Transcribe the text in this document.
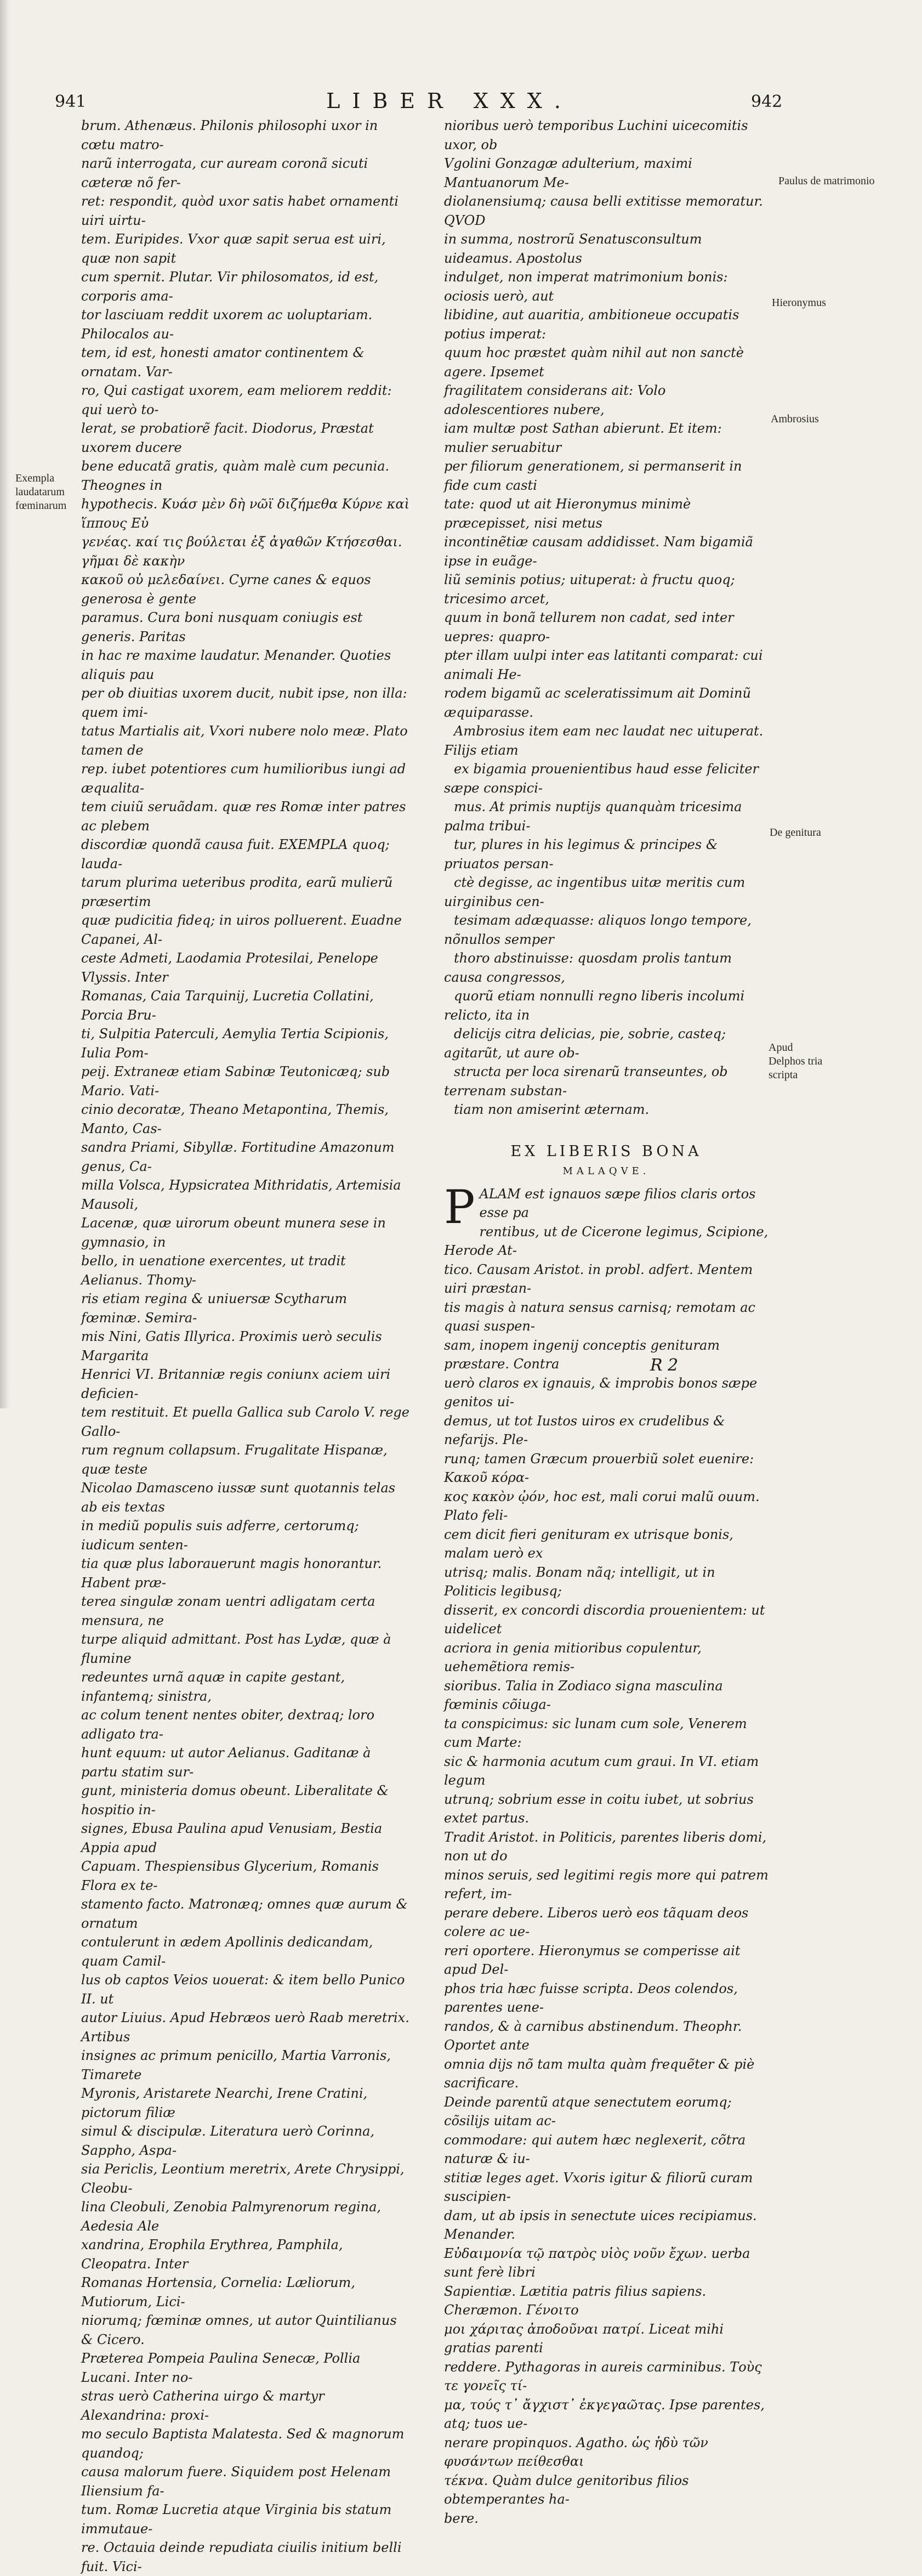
941	LIBER XXX.	942

brum. Athenæus. Philonis philosophi uxor in cœtu matro-

narũ interrogata, cur auream coronã sicuti cæteræ nõ fer-

ret: respondit, quòd uxor satis habet ornamenti uiri uirtu-

tem. Euripides. Vxor quæ sapit serua est uiri, quæ non sapit

cum spernit. Plutar. Vir philosomatos, id est, corporis ama-

tor lasciuam reddit uxorem ac uoluptariam. Philocalos au-

tem, id est, honesti amator continentem & ornatam. Var-

ro, Qui castigat uxorem, eam meliorem reddit: qui uerò to-

lerat, se probatiorẽ facit. Diodorus, Præstat uxorem ducere

bene educatã gratis, quàm malè cum pecunia. Theognes in

hypothecis. Κυάσ μὲν δὴ νῶϊ διζήμεθα Κύρνε καὶ ἵππους Εὐ

γενέας. καί τις βούλεται ἐξ ἀγαθῶν Κτήσεσθαι. γῆμαι δὲ κακὴν

κακοῦ οὐ μελεδαίνει. Cyrne canes & equos generosa è gente

paramus. Cura boni nusquam coniugis est generis. Paritas

in hac re maxime laudatur. Menander. Quoties aliquis pau

per ob diuitias uxorem ducit, nubit ipse, non illa: quem imi-

tatus Martialis ait, Vxori nubere nolo meæ. Plato tamen de

rep. iubet potentiores cum humilioribus iungi ad æqualita-

tem ciuiũ seruãdam. quæ res Romæ inter patres ac plebem

discordiæ quondã causa fuit. EXEMPLA quoq; lauda-

tarum plurima ueteribus prodita, earũ mulierũ præsertim

quæ pudicitia fideq; in uiros polluerent. Euadne Capanei, Al-

ceste Admeti, Laodamia Protesilai, Penelope Vlyssis. Inter

Romanas, Caia Tarquinij, Lucretia Collatini, Porcia Bru-

ti, Sulpitia Paterculi, Aemylia Tertia Scipionis, Iulia Pom-

peij. Extraneæ etiam Sabinæ Teutonicæq; sub Mario. Vati-

cinio decoratæ, Theano Metapontina, Themis, Manto, Cas-

sandra Priami, Sibyllæ. Fortitudine Amazonum genus, Ca-

milla Volsca, Hypsicratea Mithridatis, Artemisia Mausoli,

Lacenæ, quæ uirorum obeunt munera sese in gymnasio, in

bello, in uenatione exercentes, ut tradit Aelianus. Thomy-

ris etiam regina & uniuersæ Scytharum fœminæ. Semira-

mis Nini, Gatis Illyrica. Proximis uerò seculis Margarita

Henrici VI. Britanniæ regis coniunx aciem uiri deficien-

tem restituit. Et puella Gallica sub Carolo V. rege Gallo-

rum regnum collapsum. Frugalitate Hispanæ, quæ teste

Nicolao Damasceno iussæ sunt quotannis telas ab eis textas

in mediũ populis suis adferre, certorumq; iudicum senten-

tia quæ plus laborauerunt magis honorantur. Habent præ-

terea singulæ zonam uentri adligatam certa mensura, ne

turpe aliquid admittant. Post has Lydæ, quæ à flumine

redeuntes urnã aquæ in capite gestant, infantemq; sinistra,

ac colum tenent nentes obiter, dextraq; loro adligato tra-

hunt equum: ut autor Aelianus. Gaditanæ à partu statim sur-

gunt, ministeria domus obeunt. Liberalitate & hospitio in-

signes, Ebusa Paulina apud Venusiam, Bestia Appia apud

Capuam. Thespiensibus Glycerium, Romanis Flora ex te-

stamento facto. Matronæq; omnes quæ aurum & ornatum

contulerunt in ædem Apollinis dedicandam, quam Camil-

lus ob captos Veios uouerat: & item bello Punico II. ut

autor Liuius. Apud Hebræos uerò Raab meretrix. Artibus

insignes ac primum penicillo, Martia Varronis, Timarete

Myronis, Aristarete Nearchi, Irene Cratini, pictorum filiæ

simul & discipulæ. Literatura uerò Corinna, Sappho, Aspa-

sia Periclis, Leontium meretrix, Arete Chrysippi, Cleobu-

lina Cleobuli, Zenobia Palmyrenorum regina, Aedesia Ale

xandrina, Erophila Erythrea, Pamphila, Cleopatra. Inter

Romanas Hortensia, Cornelia: Læliorum, Mutiorum, Lici-

niorumq; fœminæ omnes, ut autor Quintilianus & Cicero.

Præterea Pompeia Paulina Senecæ, Pollia Lucani. Inter no-

stras uerò Catherina uirgo & martyr Alexandrina: proxi-

mo seculo Baptista Malatesta. Sed & magnorum quandoq;

causa malorum fuere. Siquidem post Helenam Iliensium fa-

tum. Romæ Lucretia atque Virginia bis statum immutaue-

re. Octauia deinde repudiata ciuilis initium belli fuit. Vici-

nioribus uerò temporibus Luchini uicecomitis uxor, ob

Vgolini Gonzagæ adulterium, maximi Mantuanorum Me-

diolanensiumq; causa belli extitisse memoratur. QVOD

in summa, nostrorũ Senatusconsultum uideamus. Apostolus

indulget, non imperat matrimonium bonis: ociosis uerò, aut

libidine, aut auaritia, ambitioneue occupatis potius imperat:

quum hoc præstet quàm nihil aut non sanctè agere. Ipsemet

fragilitatem considerans ait: Volo adolescentiores nubere,

iam multæ post Sathan abierunt. Et item: mulier seruabitur

per filiorum generationem, si permanserit in fide cum casti

tate: quod ut ait Hieronymus minimè præcepisset, nisi metus

incontinẽtiæ causam addidisset. Nam bigamiã ipse in euãge-

liũ seminis potius; uituperat: à fructu quoq; tricesimo arcet,

quum in bonã tellurem non cadat, sed inter uepres: quapro-

pter illam uulpi inter eas latitanti comparat: cui animali He-

rodem bigamũ ac sceleratissimum ait Dominũ æquiparasse.

Ambrosius item eam nec laudat nec uituperat. Filijs etiam

ex bigamia prouenientibus haud esse feliciter sæpe conspici-

mus. At primis nuptijs quanquàm tricesima palma tribui-

tur, plures in his legimus & principes & priuatos persan-

ctè degisse, ac ingentibus uitæ meritis cum uirginibus cen-

tesimam adæquasse: aliquos longo tempore, nõnullos semper

thoro abstinuisse: quosdam prolis tantum causa congressos,

quorũ etiam nonnulli regno liberis incolumi relicto, ita in

delicijs citra delicias, pie, sobrie, casteq; agitarũt, ut aure ob-

structa per loca sirenarũ transeuntes, ob terrenam substan-

tiam non amiserint æternam.

EX LIBERIS BONA
MALAQVE.
P ALAM est ignauos sæpe filios claris ortos esse pa

rentibus, ut de Cicerone legimus, Scipione, Herode At-

tico. Causam Aristot. in probl. adfert. Mentem uiri præstan-

tis magis à natura sensus carnisq; remotam ac quasi suspen-

sam, inopem ingenij conceptis genituram præstare. Contra

uerò claros ex ignauis, & improbis bonos sæpe genitos ui-

demus, ut tot Iustos uiros ex crudelibus & nefarijs. Ple-

runq; tamen Græcum prouerbiũ solet euenire: Κακοῦ κόρα-

κος κακὸν ᾠόν, hoc est, mali corui malũ ouum. Plato feli-

cem dicit fieri genituram ex utrisque bonis, malam uerò ex

utrisq; malis. Bonam nãq; intelligit, ut in Politicis legibusq;

disserit, ex concordi discordia prouenientem: ut uidelicet

acriora in genia mitioribus copulentur, uehemẽtiora remis-

sioribus. Talia in Zodiaco signa masculina fœminis cõiuga-

ta conspicimus: sic lunam cum sole, Venerem cum Marte:

sic & harmonia acutum cum graui. In VI. etiam legum

utrunq; sobrium esse in coitu iubet, ut sobrius extet partus.

Tradit Aristot. in Politicis, parentes liberis domi, non ut do

minos seruis, sed legitimi regis more qui patrem refert, im-

perare debere. Liberos uerò eos tãquam deos colere ac ue-

reri oportere. Hieronymus se comperisse ait apud Del-

phos tria hæc fuisse scripta. Deos colendos, parentes uene-

randos, & à carnibus abstinendum. Theophr. Oportet ante

omnia dijs nõ tam multa quàm frequẽter & piè sacrificare.

Deinde parentũ atque senectutem eorumq; cõsilijs uitam ac-

commodare: qui autem hæc neglexerit, cõtra naturæ & iu-

stitiæ leges aget. Vxoris igitur & filiorũ curam suscipien-

dam, ut ab ipsis in senectute uices recipiamus. Menander.

Εὐδαιμονία τῷ πατρὸς υἱὸς νοῦν ἔχων. uerba sunt ferè libri

Sapientiæ. Lætitia patris filius sapiens. Cheræmon. Γένοιτο

μοι χάριτας ἀποδοῦναι πατρί. Liceat mihi gratias parenti

reddere. Pythagoras in aureis carminibus. Τοὺς τε γονεῖς τί-

μα, τούς τ᾽ ἄγχιστ᾽ ἐκγεγαῶτας. Ipse parentes, atq; tuos ue-

nerare propinquos. Agatho. ὡς ἡδὺ τῶν φυσάντων πείθεσθαι

τέκνα. Quàm dulce genitoribus filios obtemperantes ha-

bere.

Exempla laudatarum fœminarum
Paulus de matrimonio
Hieronymus
Ambrosius
De genitura
Apud Delphos tria scripta
R 2
